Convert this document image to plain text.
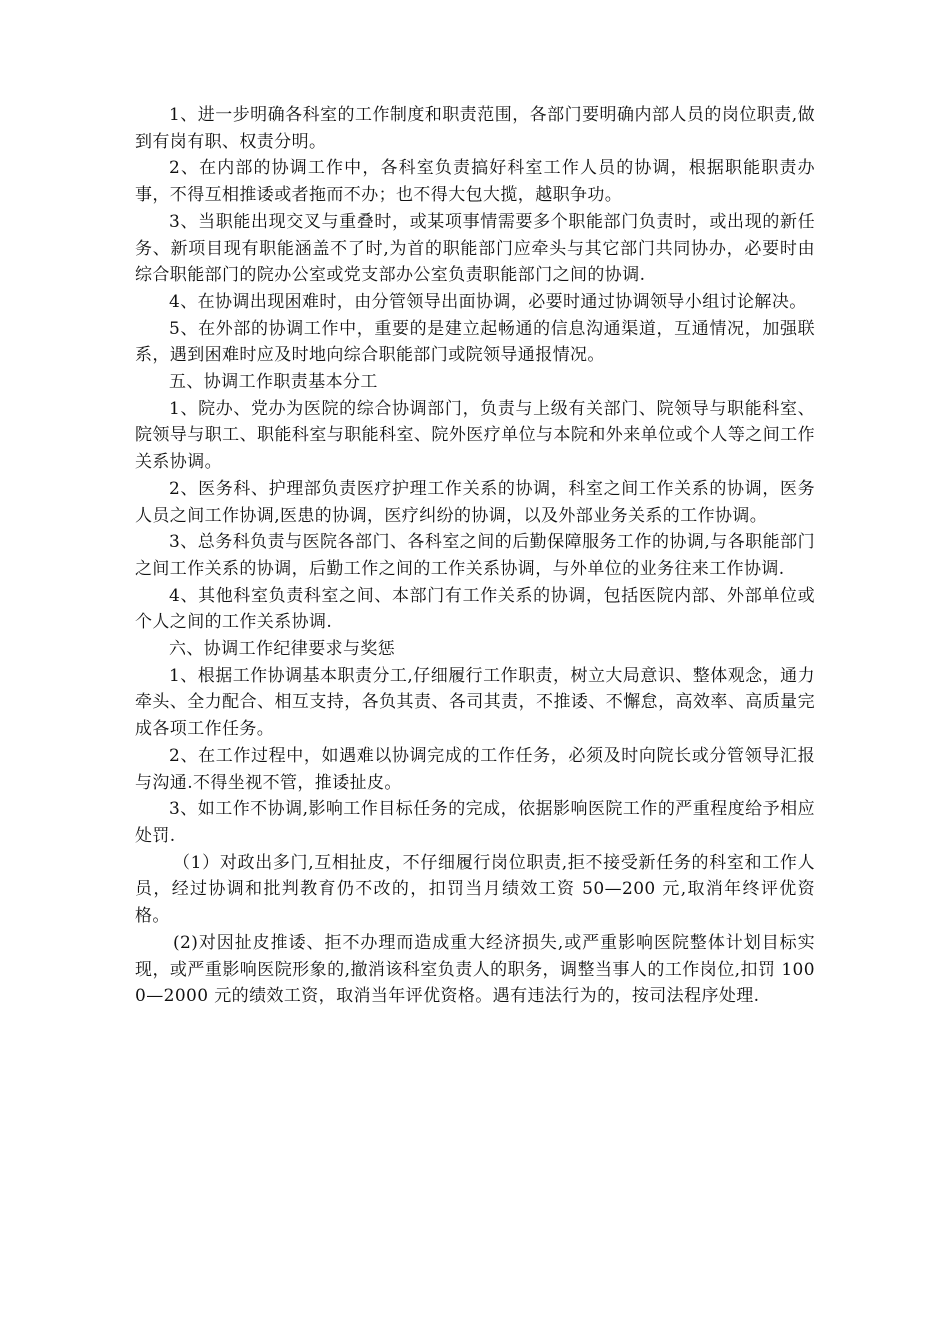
1、进一步明确各科室的工作制度和职责范围，各部门要明确内部人员的岗位职责,做到有岗有职、权责分明。

2、在内部的协调工作中，各科室负责搞好科室工作人员的协调，根据职能职责办事，不得互相推诿或者拖而不办；也不得大包大揽，越职争功。

3、当职能出现交叉与重叠时，或某项事情需要多个职能部门负责时，或出现的新任务、新项目现有职能涵盖不了时,为首的职能部门应牵头与其它部门共同协办，必要时由综合职能部门的院办公室或党支部办公室负责职能部门之间的协调.

4、在协调出现困难时，由分管领导出面协调，必要时通过协调领导小组讨论解决。

5、在外部的协调工作中，重要的是建立起畅通的信息沟通渠道，互通情况，加强联系，遇到困难时应及时地向综合职能部门或院领导通报情况。

五、协调工作职责基本分工

1、院办、党办为医院的综合协调部门，负责与上级有关部门、院领导与职能科室、院领导与职工、职能科室与职能科室、院外医疗单位与本院和外来单位或个人等之间工作关系协调。

2、医务科、护理部负责医疗护理工作关系的协调，科室之间工作关系的协调，医务人员之间工作协调,医患的协调，医疗纠纷的协调，以及外部业务关系的工作协调。

3、总务科负责与医院各部门、各科室之间的后勤保障服务工作的协调,与各职能部门之间工作关系的协调，后勤工作之间的工作关系协调，与外单位的业务往来工作协调.

4、其他科室负责科室之间、本部门有工作关系的协调，包括医院内部、外部单位或个人之间的工作关系协调.

六、协调工作纪律要求与奖惩

1、根据工作协调基本职责分工,仔细履行工作职责，树立大局意识、整体观念，通力牵头、全力配合、相互支持，各负其责、各司其责，不推诿、不懈怠，高效率、高质量完成各项工作任务。

2、在工作过程中，如遇难以协调完成的工作任务，必须及时向院长或分管领导汇报与沟通.不得坐视不管，推诿扯皮。

3、如工作不协调,影响工作目标任务的完成，依据影响医院工作的严重程度给予相应处罚.

（1）对政出多门,互相扯皮，不仔细履行岗位职责,拒不接受新任务的科室和工作人员，经过协调和批判教育仍不改的，扣罚当月绩效工资 50—200 元,取消年终评优资格。

(2)对因扯皮推诿、拒不办理而造成重大经济损失,或严重影响医院整体计划目标实现，或严重影响医院形象的,撤消该科室负责人的职务，调整当事人的工作岗位,扣罚 1000—2000 元的绩效工资，取消当年评优资格。遇有违法行为的，按司法程序处理.
